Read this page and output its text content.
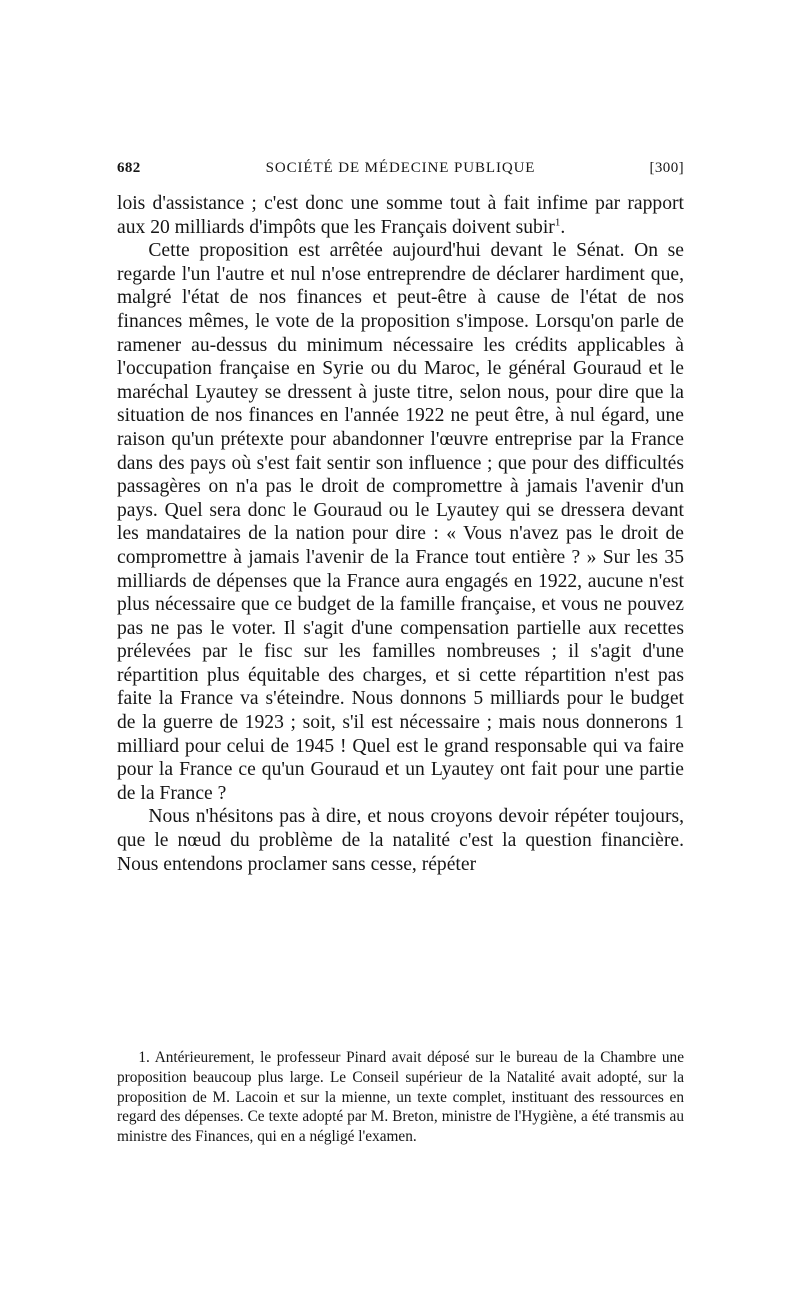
682	SOCIÉTÉ DE MÉDECINE PUBLIQUE	[300]

lois d'assistance ; c'est donc une somme tout à fait infime par rapport aux 20 milliards d'impôts que les Français doivent subir$^1$.

Cette proposition est arrêtée aujourd'hui devant le Sénat. On se regarde l'un l'autre et nul n'ose entreprendre de déclarer hardiment que, malgré l'état de nos finances et peut-être à cause de l'état de nos finances mêmes, le vote de la proposition s'impose. Lorsqu'on parle de ramener au-dessus du minimum nécessaire les crédits applicables à l'occupation française en Syrie ou du Maroc, le général Gouraud et le maréchal Lyautey se dressent à juste titre, selon nous, pour dire que la situation de nos finances en l'année 1922 ne peut être, à nul égard, une raison qu'un prétexte pour abandonner l'œuvre entreprise par la France dans des pays où s'est fait sentir son influence ; que pour des difficultés passagères on n'a pas le droit de compromettre à jamais l'avenir d'un pays. Quel sera donc le Gouraud ou le Lyautey qui se dressera devant les mandataires de la nation pour dire : « Vous n'avez pas le droit de compromettre à jamais l'avenir de la France tout entière ? » Sur les 35 milliards de dépenses que la France aura engagés en 1922, aucune n'est plus nécessaire que ce budget de la famille française, et vous ne pouvez pas ne pas le voter. Il s'agit d'une compensation partielle aux recettes prélevées par le fisc sur les familles nombreuses ; il s'agit d'une répartition plus équitable des charges, et si cette répartition n'est pas faite la France va s'éteindre. Nous donnons 5 milliards pour le budget de la guerre de 1923 ; soit, s'il est nécessaire ; mais nous donnerons 1 milliard pour celui de 1945 ! Quel est le grand responsable qui va faire pour la France ce qu'un Gouraud et un Lyautey ont fait pour une partie de la France ?

Nous n'hésitons pas à dire, et nous croyons devoir répéter toujours, que le nœud du problème de la natalité c'est la question financière. Nous entendons proclamer sans cesse, répéter

1. Antérieurement, le professeur Pinard avait déposé sur le bureau de la Chambre une proposition beaucoup plus large. Le Conseil supérieur de la Natalité avait adopté, sur la proposition de M. Lacoin et sur la mienne, un texte complet, instituant des ressources en regard des dépenses. Ce texte adopté par M. Breton, ministre de l'Hygiène, a été transmis au ministre des Finances, qui en a négligé l'examen.
